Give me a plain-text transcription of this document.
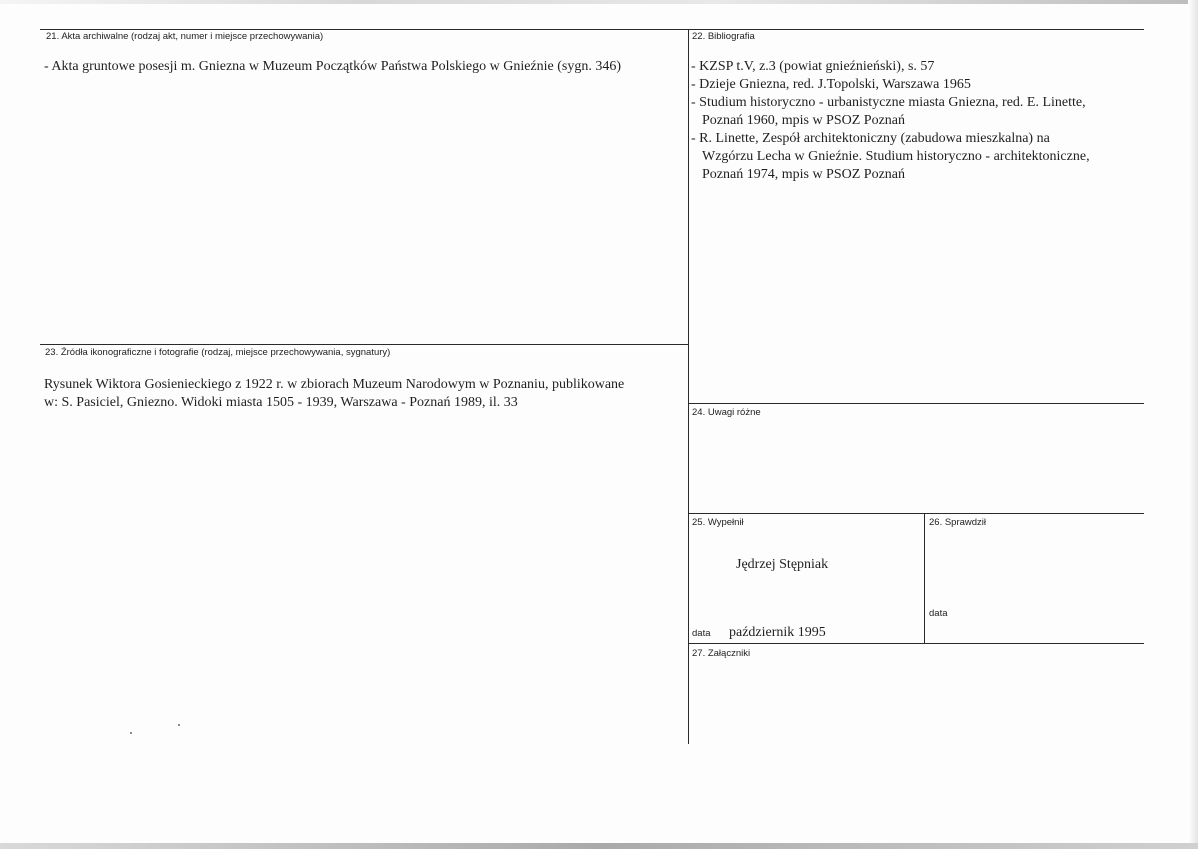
21. Akta archiwalne (rodzaj akt, numer i miejsce przechowywania)
- Akta gruntowe posesji m. Gniezna w Muzeum Początków Państwa Polskiego w Gnieźnie (sygn. 346)
22. Bibliografia
- KZSP t.V, z.3 (powiat gnieźnieński), s. 57
- Dzieje Gniezna, red. J.Topolski, Warszawa 1965
- Studium historyczno - urbanistyczne miasta Gniezna, red. E. Linette,
Poznań 1960, mpis w PSOZ Poznań
- R. Linette, Zespół architektoniczny (zabudowa mieszkalna) na
Wzgórzu Lecha w Gnieźnie. Studium historyczno - architektoniczne,
Poznań 1974, mpis w PSOZ Poznań
23. Źródła ikonograficzne i fotografie (rodzaj, miejsce przechowywania, sygnatury)
Rysunek Wiktora Gosienieckiego z 1922 r. w zbiorach Muzeum Narodowym w Poznaniu, publikowane
w: S. Pasiciel, Gniezno. Widoki miasta 1505 - 1939, Warszawa - Poznań 1989, il. 33
24. Uwagi różne
25. Wypełnił
Jędrzej Stępniak
data październik 1995
26. Sprawdził
data
27. Załączniki
